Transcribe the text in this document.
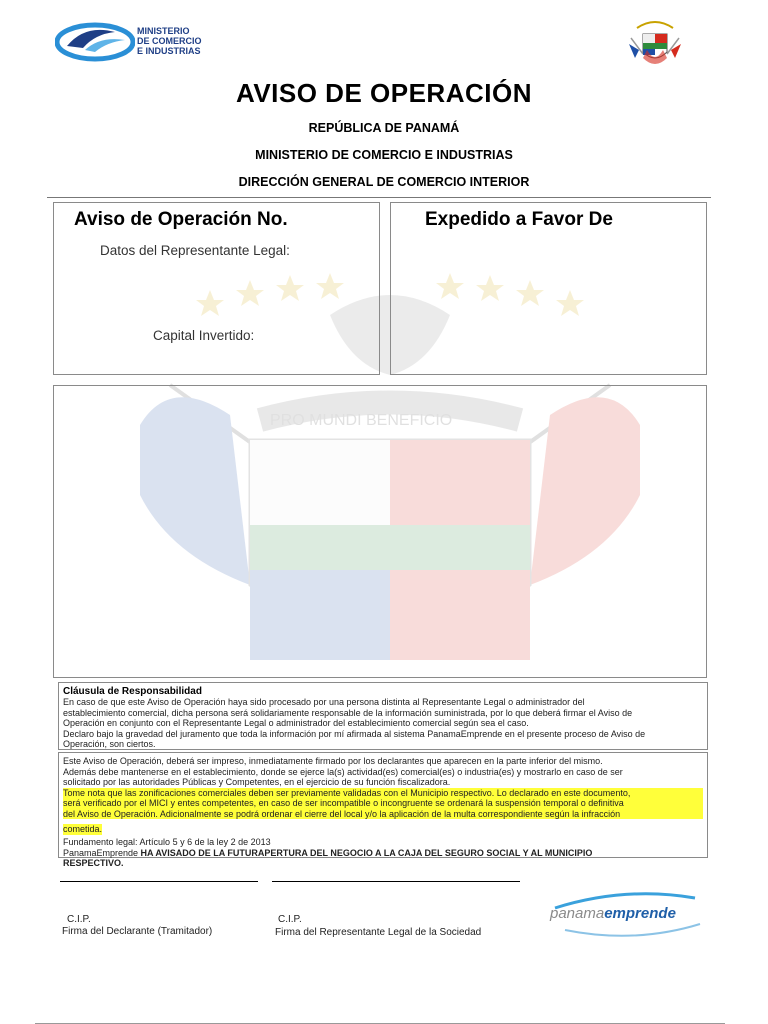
MINISTERIO
DE COMERCIO
E INDUSTRIAS
AVISO DE OPERACIÓN
REPÚBLICA DE PANAMÁ
MINISTERIO DE COMERCIO E INDUSTRIAS
DIRECCIÓN GENERAL DE COMERCIO INTERIOR
PRO MUNDI BENEFICIO
Aviso de Operación No.
Datos del Representante Legal:
Capital Invertido:
Expedido a Favor De
Cláusula de Responsabilidad
En caso de que este Aviso de Operación haya sido procesado por una persona distinta al Representante Legal o administrador del
establecimiento comercial, dicha persona será solidariamente responsable de la información suministrada, por lo que deberá firmar el Aviso de
Operación en conjunto con el Representante Legal o administrador del establecimiento comercial según sea el caso.
Declaro bajo la gravedad del juramento que toda la información por mí afirmada al sistema PanamaEmprende en el presente proceso de Aviso de
Operación, son ciertos.
Este Aviso de Operación, deberá ser impreso, inmediatamente firmado por los declarantes que aparecen en la parte inferior del mismo.
Además debe mantenerse en el establecimiento, donde se ejerce la(s) actividad(es) comercial(es) o industria(es) y mostrarlo en caso de ser
solicitado por las autoridades Públicas y Competentes, en el ejercicio de su función fiscalizadora.
Tome nota que las zonificaciones comerciales deben ser previamente validadas con el Municipio respectivo. Lo declarado en este documento,
será verificado por el MICI y entes competentes, en caso de ser incompatible o incongruente se ordenará la suspensión temporal o definitiva
del Aviso de Operación. Adicionalmente se podrá ordenar el cierre del local y/o la aplicación de la multa correspondiente según la infracción
cometida.
Fundamento legal: Artículo 5 y 6 de la ley 2 de 2013
PanamaEmprende HA AVISADO DE LA FUTURAPERTURA DEL NEGOCIO A LA CAJA DEL SEGURO SOCIAL Y AL MUNICIPIO
RESPECTIVO.
C.I.P.
Firma del Declarante (Tramitador)
C.I.P.
Firma del Representante Legal de la Sociedad
panamaemprende
